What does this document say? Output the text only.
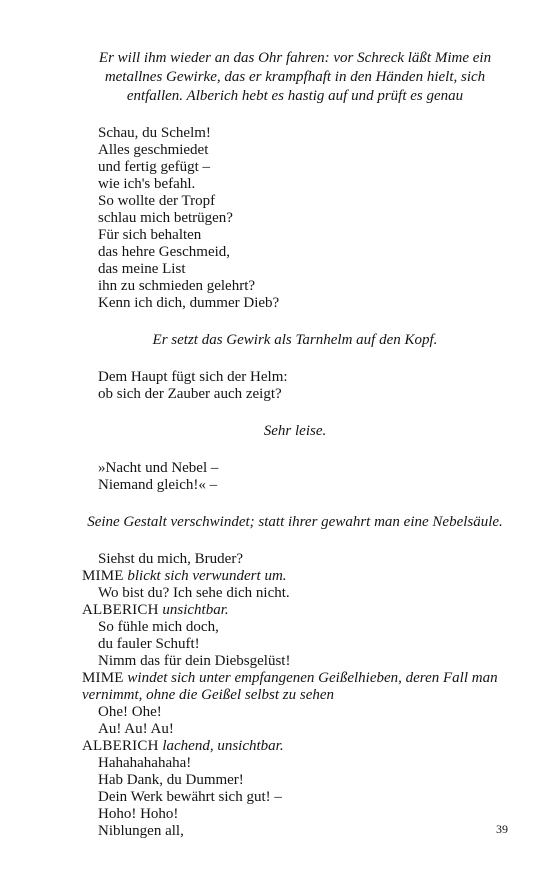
Er will ihm wieder an das Ohr fahren: vor Schreck läßt Mime ein metallnes Gewirke, das er krampfhaft in den Händen hielt, sich entfallen. Alberich hebt es hastig auf und prüft es genau

Schau, du Schelm!
Alles geschmiedet
und fertig gefügt –
wie ich's befahl.
So wollte der Tropf
schlau mich betrügen?
Für sich behalten
das hehre Geschmeid,
das meine List
ihn zu schmieden gelehrt?
Kenn ich dich, dummer Dieb?

Er setzt das Gewirk als Tarnhelm auf den Kopf.

Dem Haupt fügt sich der Helm:
ob sich der Zauber auch zeigt?

Sehr leise.

»Nacht und Nebel –
Niemand gleich!« –

Seine Gestalt verschwindet; statt ihrer gewahrt man eine Nebelsäule.

Siehst du mich, Bruder?
MIME blickt sich verwundert um.
Wo bist du? Ich sehe dich nicht.
ALBERICH unsichtbar.
So fühle mich doch,
du fauler Schuft!
Nimm das für dein Diebsgelüst!
MIME windet sich unter empfangenen Geißelhieben, deren Fall man vernimmt, ohne die Geißel selbst zu sehen
Ohe! Ohe!
Au! Au! Au!
ALBERICH lachend, unsichtbar.
Hahahahahaha!
Hab Dank, du Dummer!
Dein Werk bewährt sich gut! –
Hoho! Hoho!
Niblungen all,	39
